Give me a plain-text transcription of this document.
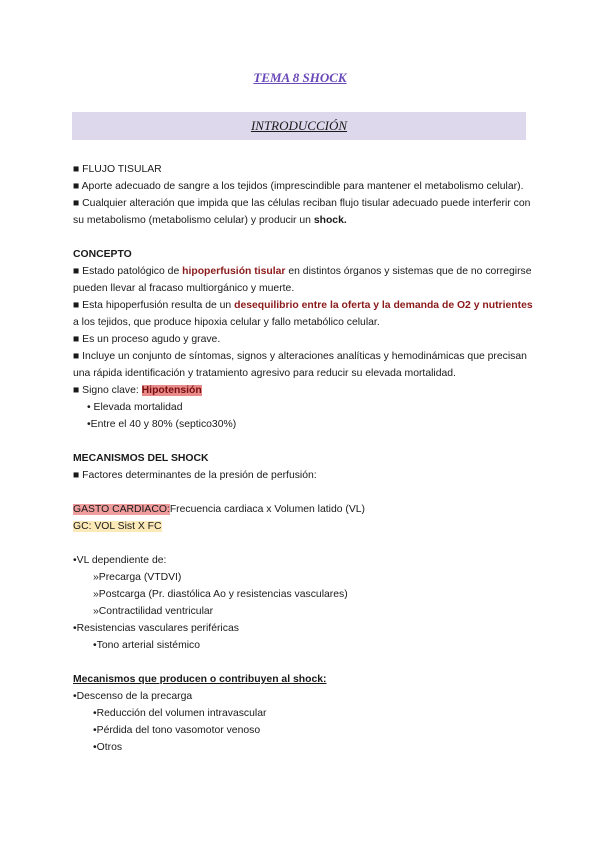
TEMA 8 SHOCK
INTRODUCCIÓN

■ FLUJO TISULAR

■ Aporte adecuado de sangre a los tejidos (imprescindible para mantener el metabolismo celular).

■ Cualquier alteración que impida que las células reciban flujo tisular adecuado puede interferir con su metabolismo (metabolismo celular) y producir un shock.

CONCEPTO

■ Estado patológico de hipoperfusión tisular en distintos órganos y sistemas que de no corregirse pueden llevar al fracaso multiorgánico y muerte.

■ Esta hipoperfusión resulta de un desequilibrio entre la oferta y la demanda de O2 y nutrientes a los tejidos, que produce hipoxia celular y fallo metabólico celular.

■ Es un proceso agudo y grave.

■ Incluye un conjunto de síntomas, signos y alteraciones analíticas y hemodinámicas que precisan una rápida identificación y tratamiento agresivo para reducir su elevada mortalidad.

■ Signo clave: Hipotensión

• Elevada mortalidad

•Entre el 40 y 80% (septico30%)

MECANISMOS DEL SHOCK

■ Factores determinantes de la presión de perfusión:

GASTO CARDIACO:Frecuencia cardiaca x Volumen latido (VL)

GC: VOL Sist X FC

•VL dependiente de:

»Precarga (VTDVI)

»Postcarga (Pr. diastólica Ao y resistencias vasculares)

»Contractilidad ventricular

•Resistencias vasculares periféricas

•Tono arterial sistémico

Mecanismos que producen o contribuyen al shock:

•Descenso de la precarga

•Reducción del volumen intravascular

•Pérdida del tono vasomotor venoso

•Otros
